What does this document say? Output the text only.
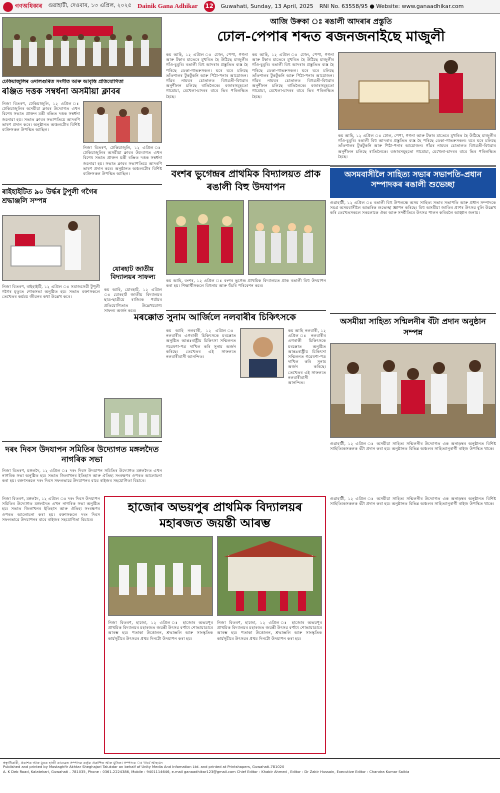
গণঅধিকাৰ গুৱাহাটী, দেওবাৰ, ১৩ এপ্ৰিল, ২০২৫ Dainik Gana Adhikar 12 Guwahati, Sunday, 13 April, 2025 RNI No. 63558/95 ● Website: www.ganaadhikar.com
ঢেকিয়াজুলিৰ ওদালগুৰিত সংগীত আৰু আবৃত্তি প্ৰতিযোগিতা
ৰঞ্জিত দত্তক সম্বৰ্ধনা অসমীয়া ক্লাবৰ
নিজা বিতৰণ, ঢেকিয়াজুলি, ১২ এপ্ৰিল ঃ ঢেকিয়াজুলিৰ অসমীয়া ক্লাবৰ উদ্যোগত এখন বিশেষ সভাত প্ৰাক্তন মন্ত্ৰী ৰঞ্জিত দত্তক সম্বৰ্ধনা জনোৱা হয়। সভাত ক্লাবৰ সভাপতিয়ে আদৰণি ভাষণ প্ৰদান কৰে। অনুষ্ঠানত অঞ্চলটোৰ বিশিষ্ট ব্যক্তিসকল উপস্থিত আছিল।
নিজা বিতৰণ, ঢেকিয়াজুলি, ১২ এপ্ৰিল ঃ ঢেকিয়াজুলিৰ অসমীয়া ক্লাবৰ উদ্যোগত এখন বিশেষ সভাত প্ৰাক্তন মন্ত্ৰী ৰঞ্জিত দত্তক সম্বৰ্ধনা জনোৱা হয়। সভাত ক্লাবৰ সভাপতিয়ে আদৰণি ভাষণ প্ৰদান কৰে। অনুষ্ঠানত অঞ্চলটোৰ বিশিষ্ট ব্যক্তিসকল উপস্থিত আছিল।
ৰাইহাইটিত ৯০ উৰ্দ্ধৰ টুপুলী গগৈৰ শ্ৰদ্ধাঞ্জলি সম্পন্ন
নিজা বিতৰণ, ৰাইহাইটি, ১২ এপ্ৰিল ঃ সমাজসেৱী টুপুলী গগৈৰ মৃত্যুত শোকসভা অনুষ্ঠিত হয়। সভাত বক্তাসকলে তেখেতৰ কৰ্মময় জীৱনৰ কথা উল্লেখ কৰে।
যোৰহাট জাতীয় বিদ্যালয়ৰ সাফল্য
কম আহি, যোৰহাট, ১২ এপ্ৰিল ঃ যোৰহাট জাতীয় বিদ্যালয়ৰ ছাত্ৰ-ছাত্ৰীয়ে ৰাজ্যিক পৰ্যায়ৰ প্ৰতিযোগিতাত উল্লেখযোগ্য সাফল্য অৰ্জন কৰে।
দৰং দিবস উদযাপন সমিতিৰ উদ্যোগত মঙ্গলদৈত নাগৰিক সভা
নিজা বিতৰণ, মঙ্গলদৈ, ১২ এপ্ৰিল ঃ দৰং দিবস উদযাপন সমিতিৰ উদ্যোগত মঙ্গলদৈত এখন নাগৰিক সভা অনুষ্ঠিত হয়। সভাত জিলাখনৰ ইতিহাস আৰু ঐতিহ্য সংৰক্ষণৰ ওপৰত আলোচনা কৰা হয়। বক্তাসকলে দৰং দিবস সফলভাৱে উদযাপনৰ বাবে ৰাইজৰ সহযোগিতা বিচাৰে।
আজি উৰুকা ঃ ৰঙালী আদৰাৰ প্ৰস্তুতি
ঢোল-পেপাৰ শব্দত ৰজনজনাইছে মাজুলী
কম আহি, ১২ এপ্ৰিল ঃ ঢোল, পেপা, গগনা আৰু টকাৰ মাতেৰে মুখৰিত হৈ উঠিছে মাজুলীৰ গাঁও-চুবুৰি। ৰঙালী বিহু আদৰাৰ প্ৰস্তুতিত ব্যস্ত হৈ পৰিছে ডেকা-গাভৰুসকল। ঘৰে ঘৰে চলিছে তাঁতশালৰ টুকটুকনি আৰু পিঠা-পনাৰ আয়োজন। গাঁৱৰ নামঘৰ চোতালত বিহুৱতী-বিহুৱাৰ অনুশীলন চলিছে ৰাতিলৈকে। বজাৰসমূহতো গামোচা, মেখেলা-চাদৰৰ বাবে ভিৰ পৰিলক্ষিত হৈছে।
কম আহি, ১২ এপ্ৰিল ঃ ঢোল, পেপা, গগনা আৰু টকাৰ মাতেৰে মুখৰিত হৈ উঠিছে মাজুলীৰ গাঁও-চুবুৰি। ৰঙালী বিহু আদৰাৰ প্ৰস্তুতিত ব্যস্ত হৈ পৰিছে ডেকা-গাভৰুসকল। ঘৰে ঘৰে চলিছে তাঁতশালৰ টুকটুকনি আৰু পিঠা-পনাৰ আয়োজন। গাঁৱৰ নামঘৰ চোতালত বিহুৱতী-বিহুৱাৰ অনুশীলন চলিছে ৰাতিলৈকে। বজাৰসমূহতো গামোচা, মেখেলা-চাদৰৰ বাবে ভিৰ পৰিলক্ষিত হৈছে।
কম আহি, ১২ এপ্ৰিল ঃ ঢোল, পেপা, গগনা আৰু টকাৰ মাতেৰে মুখৰিত হৈ উঠিছে মাজুলীৰ গাঁও-চুবুৰি। ৰঙালী বিহু আদৰাৰ প্ৰস্তুতিত ব্যস্ত হৈ পৰিছে ডেকা-গাভৰুসকল। ঘৰে ঘৰে চলিছে তাঁতশালৰ টুকটুকনি আৰু পিঠা-পনাৰ আয়োজন। গাঁৱৰ নামঘৰ চোতালত বিহুৱতী-বিহুৱাৰ অনুশীলন চলিছে ৰাতিলৈকে। বজাৰসমূহতো গামোচা, মেখেলা-চাদৰৰ বাবে ভিৰ পৰিলক্ষিত হৈছে।
বংশৰ ভুগেন্দ্ৰৰ প্ৰাথমিক বিদ্যালয়ত প্ৰাক ৰঙালী বিহু উদযাপন
কম আহি, বংশৰ, ১২ এপ্ৰিল ঃ বংশৰ ভুগেন্দ্ৰ প্ৰাথমিক বিদ্যালয়ত প্ৰাক ৰঙালী বিহু উদযাপন কৰা হয়। শিক্ষাৰ্থীসকলে বিহুনাম আৰু হুঁচৰি পৰিবেশন কৰে।
মৰক্কোত সুনাম আৰ্জিলে নলবাৰীৰ চিকিৎসকে
কম আহি নলবাৰী, ১২ এপ্ৰিল ঃ নলবাৰীৰ এগৰাকী চিকিৎসকে মৰক্কোত অনুষ্ঠিত আন্তঃৰাষ্ট্ৰীয় চিকিৎসা সন্মিলনত গৱেষণা-পত্ৰ দাখিল কৰি সুনাম অৰ্জন কৰিছে। তেখেতৰ এই সাফল্যত নলবাৰীবাসী আনন্দিত।
কম আহি নলবাৰী, ১২ এপ্ৰিল ঃ নলবাৰীৰ এগৰাকী চিকিৎসকে মৰক্কোত অনুষ্ঠিত আন্তঃৰাষ্ট্ৰীয় চিকিৎসা সন্মিলনত গৱেষণা-পত্ৰ দাখিল কৰি সুনাম অৰ্জন কৰিছে। তেখেতৰ এই সাফল্যত নলবাৰীবাসী আনন্দিত।
অসমবাসীলৈ সাহিত্য সভাৰ সভাপতি-প্ৰধান সম্পাদকৰ ৰঙালী শুভেচ্ছা
গুৱাহাটী, ১২ এপ্ৰিল ঃ ৰঙালী বিহু উপলক্ষে অসম সাহিত্য সভাৰ সভাপতি আৰু প্ৰধান সম্পাদকে সমগ্ৰ অসমবাসীলৈ আন্তৰিক শুভেচ্ছা জ্ঞাপন কৰিছে। বিহু অসমীয়া জাতিৰ প্ৰাণৰ উৎসৱ বুলি উল্লেখ কৰি তেখেতসকলে সকলোকে ঐক্য আৰু সম্প্ৰীতিৰে উৎসৱ পালন কৰিবলৈ আহ্বান জনায়।
অসমীয়া সাহিত্য সন্মিলনীৰ বঁটা প্ৰদান অনুষ্ঠান সম্পন্ন
গুৱাহাটী, ১২ এপ্ৰিল ঃ অসমীয়া সাহিত্য সন্মিলনীৰ উদ্যোগত এক অনাড়ম্বৰ অনুষ্ঠানত বিশিষ্ট সাহিত্যিকসকলক বঁটা প্ৰদান কৰা হয়। অনুষ্ঠানত বিভিন্ন অঞ্চলৰ সাহিত্যানুৰাগী ৰাইজ উপস্থিত থাকে।
হাজোৰ অভয়পুৰ প্ৰাথমিক বিদ্যালয়ৰ মহাৰজত জয়ন্তী আৰম্ভ
নিজা বিতৰণ, হাজো, ১২ এপ্ৰিল ঃ হাজোৰ অভয়পুৰ প্ৰাথমিক বিদ্যালয়ৰ মহাৰজত জয়ন্তী উৎসৱ বৰ্ণাঢ্য শোভাযাত্ৰাৰে আৰম্ভ হয়। পতাকা উত্তোলন, শ্ৰদ্ধাঞ্জলি আৰু সাংস্কৃতিক কাৰ্যসূচীৰে উৎসৱৰ প্ৰথম দিনটো উদযাপন কৰা হয়।
নিজা বিতৰণ, হাজো, ১২ এপ্ৰিল ঃ হাজোৰ অভয়পুৰ প্ৰাথমিক বিদ্যালয়ৰ মহাৰজত জয়ন্তী উৎসৱ বৰ্ণাঢ্য শোভাযাত্ৰাৰে আৰম্ভ হয়। পতাকা উত্তোলন, শ্ৰদ্ধাঞ্জলি আৰু সাংস্কৃতিক কাৰ্যসূচীৰে উৎসৱৰ প্ৰথম দিনটো উদযাপন কৰা হয়।
নিজা বিতৰণ, মঙ্গলদৈ, ১২ এপ্ৰিল ঃ দৰং দিবস উদযাপন সমিতিৰ উদ্যোগত মঙ্গলদৈত এখন নাগৰিক সভা অনুষ্ঠিত হয়। সভাত জিলাখনৰ ইতিহাস আৰু ঐতিহ্য সংৰক্ষণৰ ওপৰত আলোচনা কৰা হয়। বক্তাসকলে দৰং দিবস সফলভাৱে উদযাপনৰ বাবে ৰাইজৰ সহযোগিতা বিচাৰে।
গুৱাহাটী, ১২ এপ্ৰিল ঃ অসমীয়া সাহিত্য সন্মিলনীৰ উদ্যোগত এক অনাড়ম্বৰ অনুষ্ঠানত বিশিষ্ট সাহিত্যিকসকলক বঁটা প্ৰদান কৰা হয়। অনুষ্ঠানত বিভিন্ন অঞ্চলৰ সাহিত্যানুৰাগী ৰাইজ উপস্থিত থাকে।
স্বত্বাধিকাৰী, প্ৰকাশক আৰু মুদ্ৰক হাজী কাব্যব্ৰত সম্পাদক কৰ্তৃক প্ৰকাশিত আৰু মুদ্ৰিত। সম্পাদক ঃ খাৰ্বে আহমেদ
Published and printed by Mostaghfir Akhtar Sheghajari Talukdar on behalf of Unity Media And Infomation Ltd. and printed at Printshapers, Guwahati-781020
A. K Deb Road, Kalatekari, Guwahati - 781035, Phone : 0361-2224386, Mobile : 9401114646, e-mail ganaadhikar123@gmail.com Chief Editor : Khabir Ahmed , Editor : Dr Zakir Hussain, Executive Editor : Chandra Kumar Saikia
